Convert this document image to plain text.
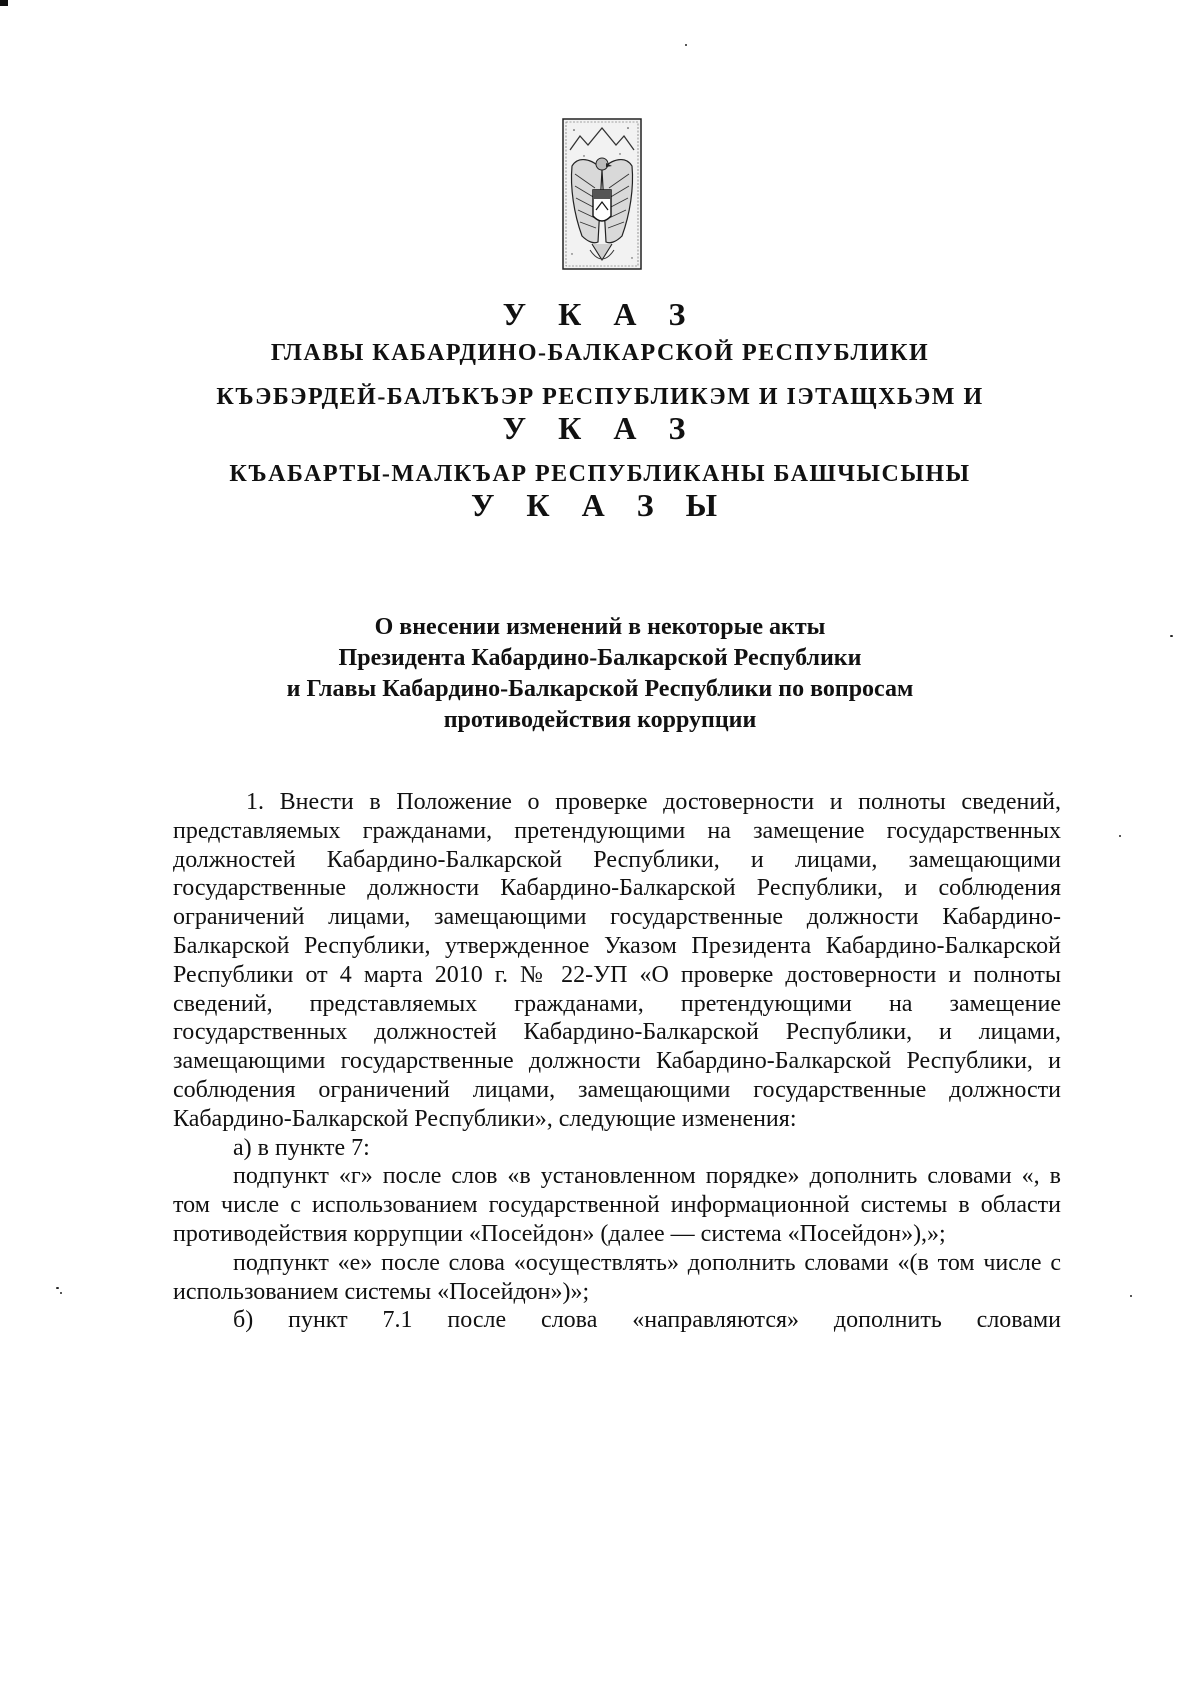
У К А З
ГЛАВЫ КАБАРДИНО-БАЛКАРСКОЙ РЕСПУБЛИКИ
КЪЭБЭРДЕЙ-БАЛЪКЪЭР РЕСПУБЛИКЭМ И IЭТАЩХЬЭМ И
У К А З
КЪАБАРТЫ-МАЛКЪАР РЕСПУБЛИКАНЫ БАШЧЫСЫНЫ
У К А З Ы
О внесении изменений в некоторые акты
Президента Кабардино-Балкарской Республики
и Главы Кабардино-Балкарской Республики по вопросам
противодействия коррупции

1. Внести в Положение о проверке достоверности и полноты сведений, представляемых гражданами, претендующими на замещение государственных должностей Кабардино-Балкарской Республики, и лицами, замещающими государственные должности Кабардино-Балкарской Республики, и соблюдения ограничений лицами, замещающими государственные должности Кабардино-Балкарской Республики, утвержденное Указом Президента Кабардино-Балкарской Республики от 4 марта 2010 г. № 22-УП «О проверке достоверности и полноты сведений, представляемых гражданами, претендующими на замещение государственных должностей Кабардино-Балкарской Республики, и лицами, замещающими государственные должности Кабардино-Балкарской Республики, и соблюдения ограничений лицами, замещающими государственные должности Кабардино-Балкарской Республики», следующие изменения:

а) в пункте 7:

подпункт «г» после слов «в установленном порядке» дополнить словами «, в том числе с использованием государственной информационной системы в области противодействия коррупции «Посейдон» (далее — система «Посейдон»),»;

подпункт «е» после слова «осуществлять» дополнить словами «(в том числе с использованием системы «Посейдон»)»;

б) пункт 7.1 после слова «направляются» дополнить словами
